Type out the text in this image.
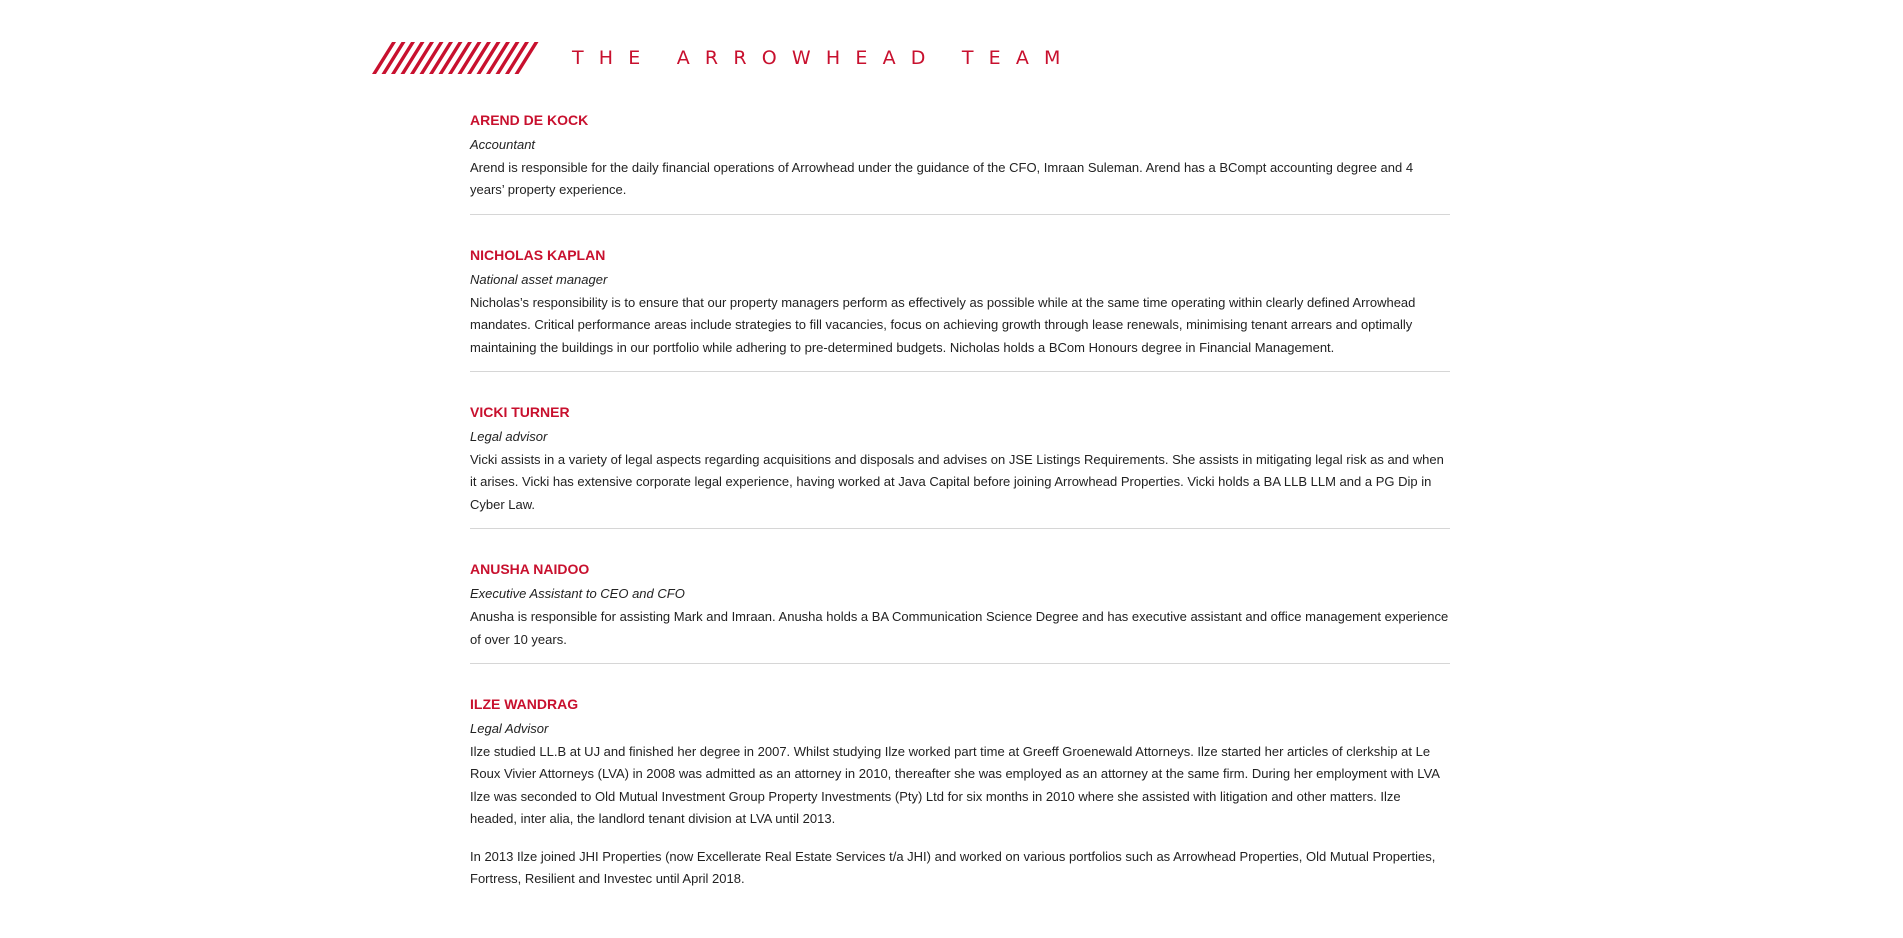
THE ARROWHEAD TEAM
AREND DE KOCK
Accountant

Arend is responsible for the daily financial operations of Arrowhead under the guidance of the CFO, Imraan Suleman. Arend has a BCompt accounting degree and 4 years’ property experience.

NICHOLAS KAPLAN
National asset manager

Nicholas’s responsibility is to ensure that our property managers perform as effectively as possible while at the same time operating within clearly defined Arrowhead mandates. Critical performance areas include strategies to fill vacancies, focus on achieving growth through lease renewals, minimising tenant arrears and optimally maintaining the buildings in our portfolio while adhering to pre-determined budgets. Nicholas holds a BCom Honours degree in Financial Management.

VICKI TURNER
Legal advisor

Vicki assists in a variety of legal aspects regarding acquisitions and disposals and advises on JSE Listings Requirements. She assists in mitigating legal risk as and when it arises. Vicki has extensive corporate legal experience, having worked at Java Capital before joining Arrowhead Properties. Vicki holds a BA LLB LLM and a PG Dip in Cyber Law.

ANUSHA NAIDOO
Executive Assistant to CEO and CFO

Anusha is responsible for assisting Mark and Imraan. Anusha holds a BA Communication Science Degree and has executive assistant and office management experience of over 10 years.

ILZE WANDRAG
Legal Advisor

Ilze studied LL.B at UJ and finished her degree in 2007. Whilst studying Ilze worked part time at Greeff Groenewald Attorneys. Ilze started her articles of clerkship at Le Roux Vivier Attorneys (LVA) in 2008 was admitted as an attorney in 2010, thereafter she was employed as an attorney at the same firm. During her employment with LVA Ilze was seconded to Old Mutual Investment Group Property Investments (Pty) Ltd for six months in 2010 where she assisted with litigation and other matters. Ilze headed, inter alia, the landlord tenant division at LVA until 2013.

In 2013 Ilze joined JHI Properties (now Excellerate Real Estate Services t/a JHI) and worked on various portfolios such as Arrowhead Properties, Old Mutual Properties, Fortress, Resilient and Investec until April 2018.
